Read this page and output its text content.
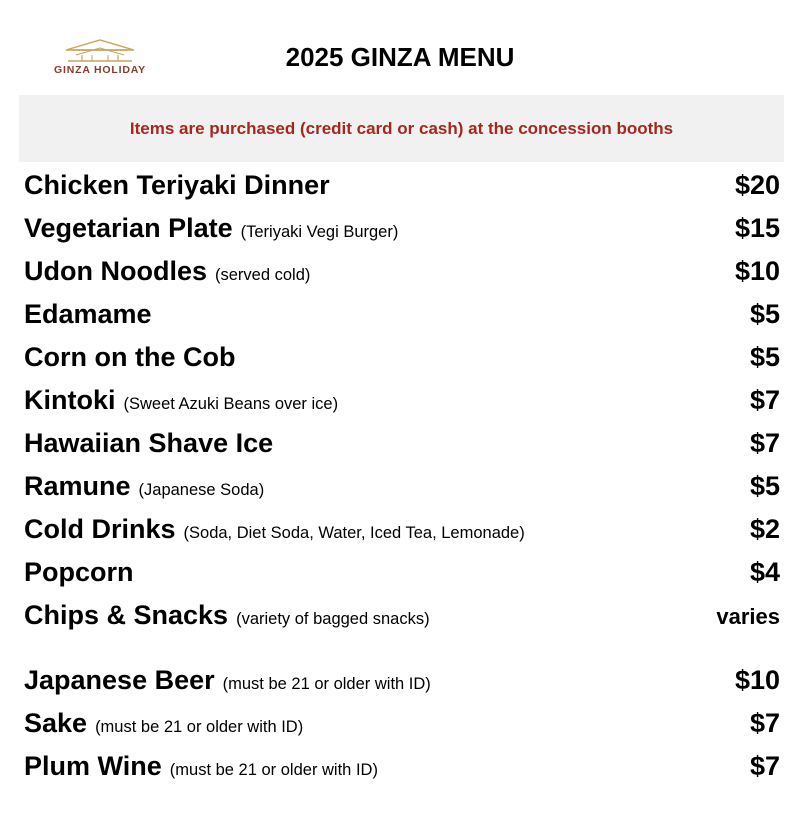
GINZA HOLIDAY	2025 GINZA MENU
Items are purchased (credit card or cash) at the concession booths
Chicken Teriyaki Dinner	$20
Vegetarian Plate (Teriyaki Vegi Burger)	$15
Udon Noodles (served cold)	$10
Edamame	$5
Corn on the Cob	$5
Kintoki (Sweet Azuki Beans over ice)	$7
Hawaiian Shave Ice	$7
Ramune (Japanese Soda)	$5
Cold Drinks (Soda, Diet Soda, Water, Iced Tea, Lemonade)	$2
Popcorn	$4
Chips & Snacks (variety of bagged snacks)	varies
Japanese Beer (must be 21 or older with ID)	$10
Sake (must be 21 or older with ID)	$7
Plum Wine (must be 21 or older with ID)	$7
